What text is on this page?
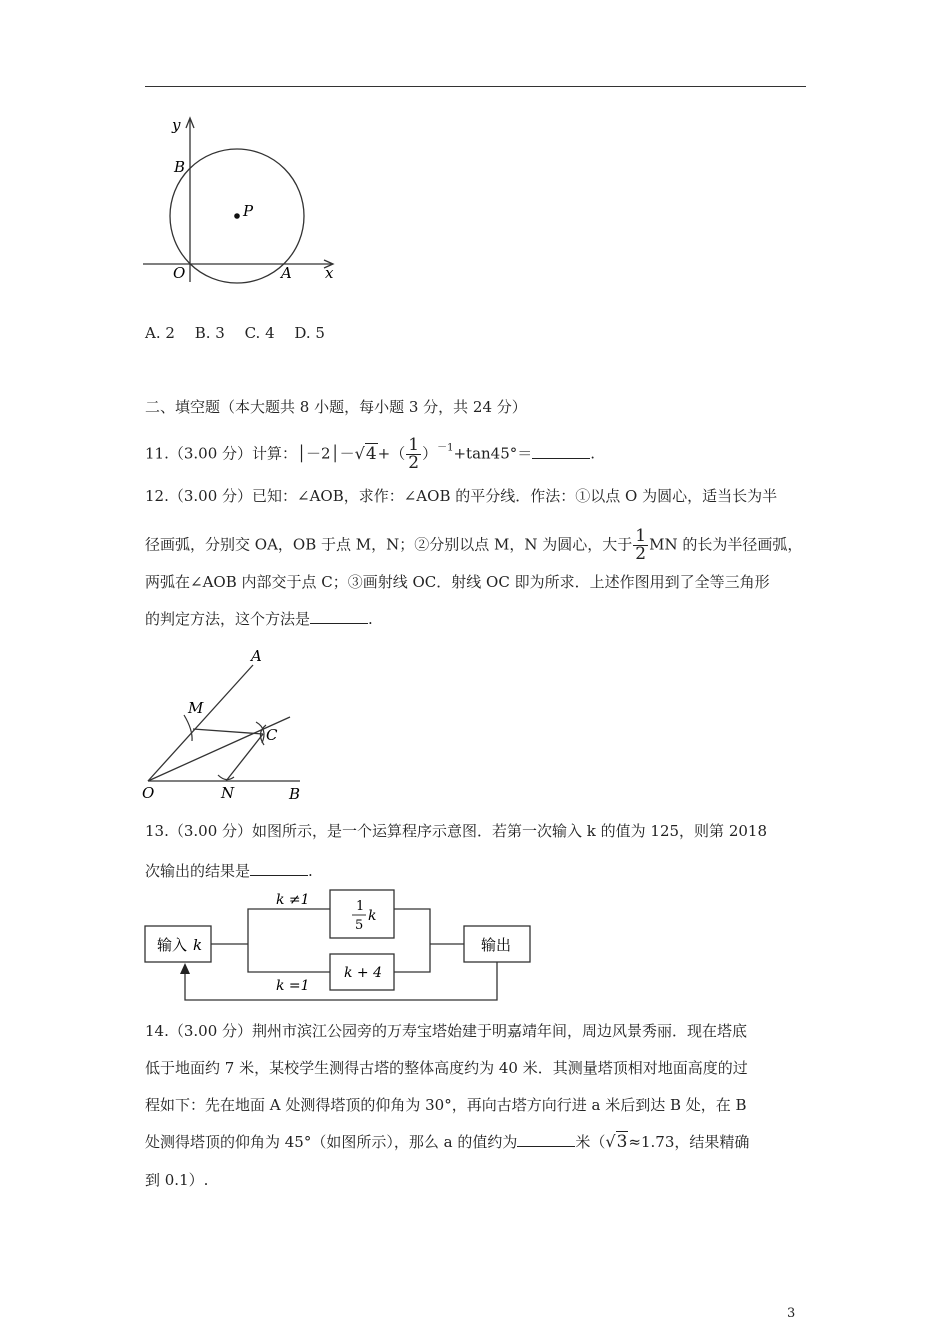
y
x
B
P
O	A
A. 2  B. 3  C. 4  D. 5
二、填空题（本大题共 8 小题，每小题 3 分，共 24 分）
11.（3.00 分）计算：│－2│－√4+（ $\frac{1}{2} )^{-1}+\tan 45^\circ=$	.
12.（3.00 分）已知：∠AOB，求作：∠AOB 的平分线．作法：①以点 O 为圆心，适当长为半
径画弧，分别交 OA，OB 于点 M，N；②分别以点 M，N 为圆心，大于 $\frac{1}{2}$ MN 的长为半径画弧，
两弧在∠AOB 内部交于点 C；③画射线 OC．射线 OC 即为所求．上述作图用到了全等三角形
的判定方法，这个方法是	.
A
M
C
O	N	B
13.（3.00 分）如图所示，是一个运算程序示意图．若第一次输入 k 的值为 125，则第 2018
次输出的结果是	.
输入 k
k ≠1
k =1
1
5
k
k + 4
输出
14.（3.00 分）荆州市滨江公园旁的万寿宝塔始建于明嘉靖年间，周边风景秀丽．现在塔底
低于地面约 7 米，某校学生测得古塔的整体高度约为 40 米．其测量塔顶相对地面高度的过
程如下：先在地面 A 处测得塔顶的仰角为 30°，再向古塔方向行进 a 米后到达 B 处，在 B
处测得塔顶的仰角为 45°（如图所示），那么 a 的值约为	米（√3≈1.73，结果精确
到 0.1）.
3
